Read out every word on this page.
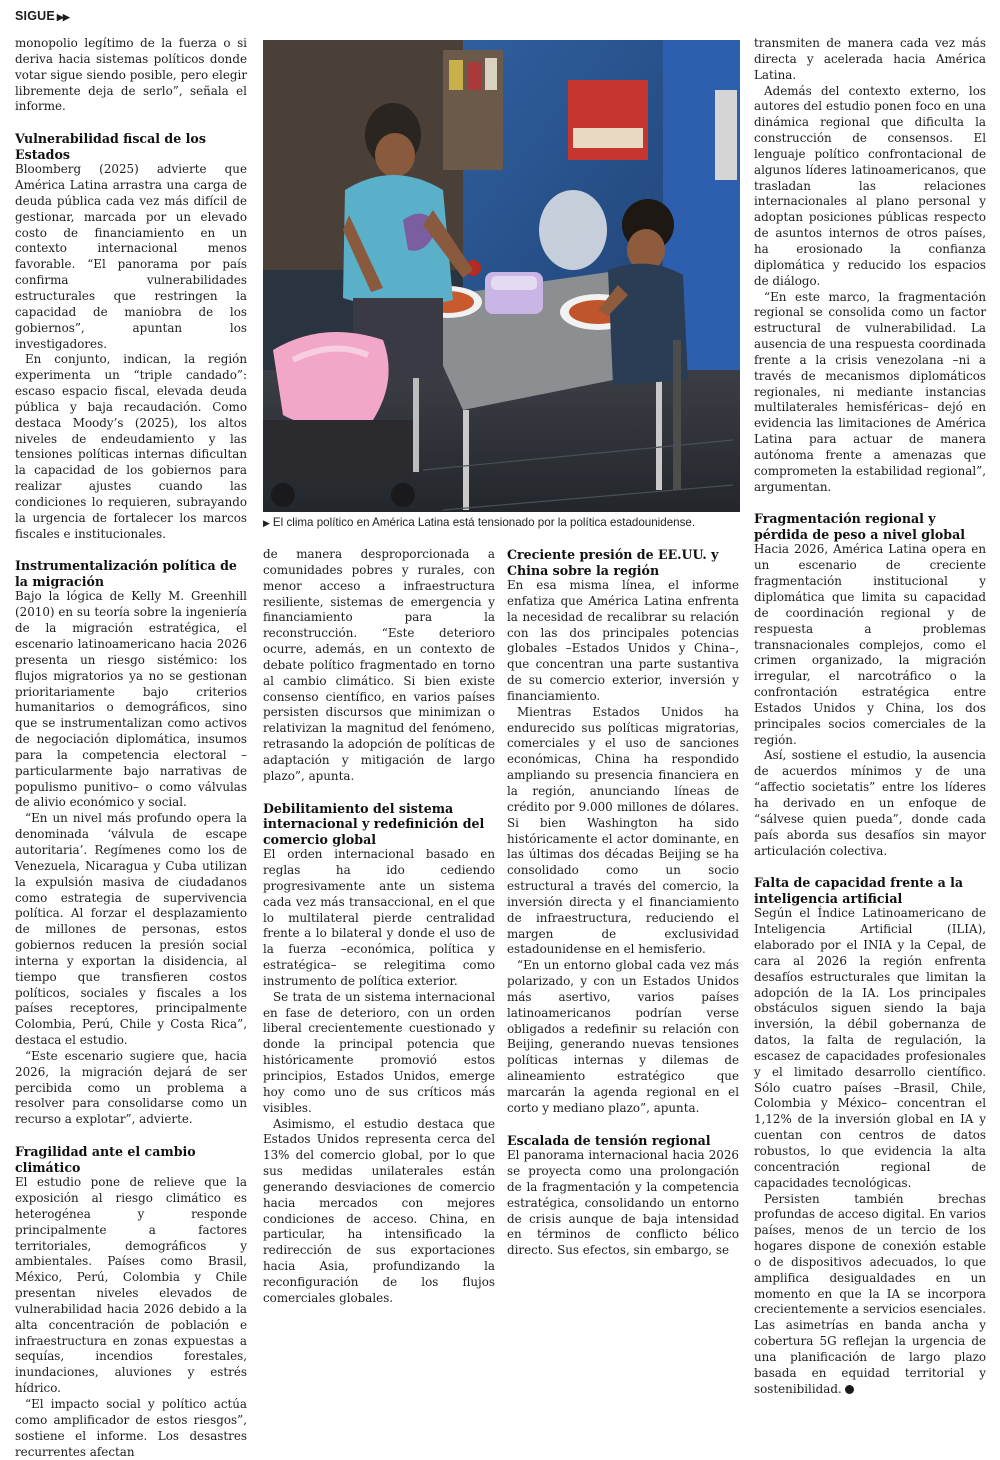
SIGUE ▶▶

monopolio legítimo de la fuerza o si deriva hacia sistemas políticos donde votar sigue siendo posible, pero elegir libremente deja de serlo”, señala el informe.

Vulnerabilidad fiscal de los Estados

Bloomberg (2025) advierte que América Latina arrastra una carga de deuda pública cada vez más difícil de gestionar, marcada por un elevado costo de financiamiento en un contexto internacional menos favorable. “El panorama por país confirma vulnerabilidades estructurales que restringen la capacidad de maniobra de los gobiernos”, apuntan los investigadores.

En conjunto, indican, la región experimenta un “triple candado”: escaso espacio fiscal, elevada deuda pública y baja recaudación. Como destaca Moody’s (2025), los altos niveles de endeudamiento y las tensiones políticas internas dificultan la capacidad de los gobiernos para realizar ajustes cuando las condiciones lo requieren, subrayando la urgencia de fortalecer los marcos fiscales e institucionales.

Instrumentalización política de la migración

Bajo la lógica de Kelly M. Greenhill (2010) en su teoría sobre la ingeniería de la migración estratégica, el escenario latinoamericano hacia 2026 presenta un riesgo sistémico: los flujos migratorios ya no se gestionan prioritariamente bajo criterios humanitarios o demográficos, sino que se instrumentalizan como activos de negociación diplomática, insumos para la competencia electoral –particularmente bajo narrativas de populismo punitivo– o como válvulas de alivio económico y social.

“En un nivel más profundo opera la denominada ‘válvula de escape autoritaria’. Regímenes como los de Venezuela, Nicaragua y Cuba utilizan la expulsión masiva de ciudadanos como estrategia de supervivencia política. Al forzar el desplazamiento de millones de personas, estos gobiernos reducen la presión social interna y exportan la disidencia, al tiempo que transfieren costos políticos, sociales y fiscales a los países receptores, principalmente Colombia, Perú, Chile y Costa Rica”, destaca el estudio.

“Este escenario sugiere que, hacia 2026, la migración dejará de ser percibida como un problema a resolver para consolidarse como un recurso a explotar”, advierte.

Fragilidad ante el cambio climático

El estudio pone de relieve que la exposición al riesgo climático es heterogénea y responde principalmente a factores territoriales, demográficos y ambientales. Países como Brasil, México, Perú, Colombia y Chile presentan niveles elevados de vulnerabilidad hacia 2026 debido a la alta concentración de población e infraestructura en zonas expuestas a sequías, incendios forestales, inundaciones, aluviones y estrés hídrico.

“El impacto social y político actúa como amplificador de estos riesgos”, sostiene el informe. Los desastres recurrentes afectan

▶ El clima político en América Latina está tensionado por la política estadounidense.

de manera desproporcionada a comunidades pobres y rurales, con menor acceso a infraestructura resiliente, sistemas de emergencia y financiamiento para la reconstrucción. “Este deterioro ocurre, además, en un contexto de debate político fragmentado en torno al cambio climático. Si bien existe consenso científico, en varios países persisten discursos que minimizan o relativizan la magnitud del fenómeno, retrasando la adopción de políticas de adaptación y mitigación de largo plazo”, apunta.

Debilitamiento del sistema internacional y redefinición del comercio global

El orden internacional basado en reglas ha ido cediendo progresivamente ante un sistema cada vez más transaccional, en el que lo multilateral pierde centralidad frente a lo bilateral y donde el uso de la fuerza –económica, política y estratégica– se relegitima como instrumento de política exterior.

Se trata de un sistema internacional en fase de deterioro, con un orden liberal crecientemente cuestionado y donde la principal potencia que históricamente promovió estos principios, Estados Unidos, emerge hoy como uno de sus críticos más visibles.

Asimismo, el estudio destaca que Estados Unidos representa cerca del 13% del comercio global, por lo que sus medidas unilaterales están generando desviaciones de comercio hacia mercados con mejores condiciones de acceso. China, en particular, ha intensificado la redirección de sus exportaciones hacia Asia, profundizando la reconfiguración de los flujos comerciales globales.

Creciente presión de EE.UU. y China sobre la región

En esa misma línea, el informe enfatiza que América Latina enfrenta la necesidad de recalibrar su relación con las dos principales potencias globales –Estados Unidos y China–, que concentran una parte sustantiva de su comercio exterior, inversión y financiamiento.

Mientras Estados Unidos ha endurecido sus políticas migratorias, comerciales y el uso de sanciones económicas, China ha respondido ampliando su presencia financiera en la región, anunciando líneas de crédito por 9.000 millones de dólares. Si bien Washington ha sido históricamente el actor dominante, en las últimas dos décadas Beijing se ha consolidado como un socio estructural a través del comercio, la inversión directa y el financiamiento de infraestructura, reduciendo el margen de exclusividad estadounidense en el hemisferio.

“En un entorno global cada vez más polarizado, y con un Estados Unidos más asertivo, varios países latinoamericanos podrían verse obligados a redefinir su relación con Beijing, generando nuevas tensiones políticas internas y dilemas de alineamiento estratégico que marcarán la agenda regional en el corto y mediano plazo”, apunta.

Escalada de tensión regional

El panorama internacional hacia 2026 se proyecta como una prolongación de la fragmentación y la competencia estratégica, consolidando un entorno de crisis aunque de baja intensidad en términos de conflicto bélico directo. Sus efectos, sin embargo, se

transmiten de manera cada vez más directa y acelerada hacia América Latina.

Además del contexto externo, los autores del estudio ponen foco en una dinámica regional que dificulta la construcción de consensos. El lenguaje político confrontacional de algunos líderes latinoamericanos, que trasladan las relaciones internacionales al plano personal y adoptan posiciones públicas respecto de asuntos internos de otros países, ha erosionado la confianza diplomática y reducido los espacios de diálogo.

“En este marco, la fragmentación regional se consolida como un factor estructural de vulnerabilidad. La ausencia de una respuesta coordinada frente a la crisis venezolana –ni a través de mecanismos diplomáticos regionales, ni mediante instancias multilaterales hemisféricas– dejó en evidencia las limitaciones de América Latina para actuar de manera autónoma frente a amenazas que comprometen la estabilidad regional”, argumentan.

Fragmentación regional y pérdida de peso a nivel global

Hacia 2026, América Latina opera en un escenario de creciente fragmentación institucional y diplomática que limita su capacidad de coordinación regional y de respuesta a problemas transnacionales complejos, como el crimen organizado, la migración irregular, el narcotráfico o la confrontación estratégica entre Estados Unidos y China, los dos principales socios comerciales de la región.

Así, sostiene el estudio, la ausencia de acuerdos mínimos y de una “affectio societatis” entre los líderes ha derivado en un enfoque de “sálvese quien pueda”, donde cada país aborda sus desafíos sin mayor articulación colectiva.

Falta de capacidad frente a la inteligencia artificial

Según el Índice Latinoamericano de Inteligencia Artificial (ILIA), elaborado por el INIA y la Cepal, de cara al 2026 la región enfrenta desafíos estructurales que limitan la adopción de la IA. Los principales obstáculos siguen siendo la baja inversión, la débil gobernanza de datos, la falta de regulación, la escasez de capacidades profesionales y el limitado desarrollo científico. Sólo cuatro países –Brasil, Chile, Colombia y México– concentran el 1,12% de la inversión global en IA y cuentan con centros de datos robustos, lo que evidencia la alta concentración regional de capacidades tecnológicas.

Persisten también brechas profundas de acceso digital. En varios países, menos de un tercio de los hogares dispone de conexión estable o de dispositivos adecuados, lo que amplifica desigualdades en un momento en que la IA se incorpora crecientemente a servicios esenciales. Las asimetrías en banda ancha y cobertura 5G reflejan la urgencia de una planificación de largo plazo basada en equidad territorial y sostenibilidad.
